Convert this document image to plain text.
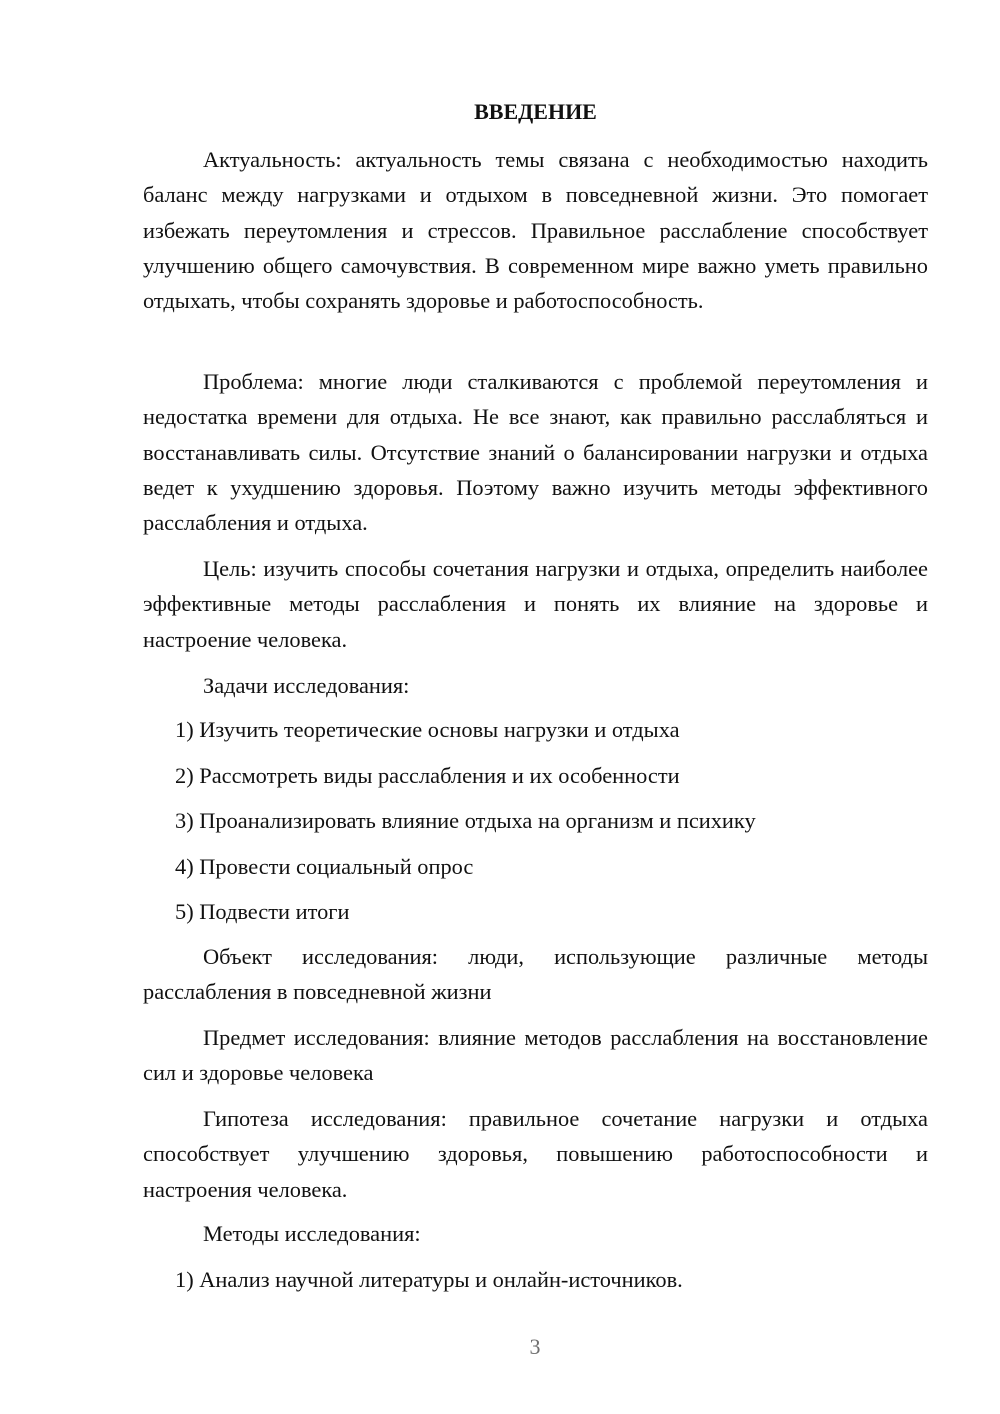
ВВЕДЕНИЕ

Актуальность: актуальность темы связана с необходимостью находить баланс между нагрузками и отдыхом в повседневной жизни. Это помогает избежать переутомления и стрессов. Правильное расслабление способствует улучшению общего самочувствия. В современном мире важно уметь правильно отдыхать, чтобы сохранять здоровье и работоспособность.

Проблема: многие люди сталкиваются с проблемой переутомления и недостатка времени для отдыха. Не все знают, как правильно расслабляться и восстанавливать силы. Отсутствие знаний о балансировании нагрузки и отдыха ведет к ухудшению здоровья. Поэтому важно изучить методы эффективного расслабления и отдыха.

Цель: изучить способы сочетания нагрузки и отдыха, определить наиболее эффективные методы расслабления и понять их влияние на здоровье и настроение человека.

Задачи исследования:

1) Изучить теоретические основы нагрузки и отдыха

2) Рассмотреть виды расслабления и их особенности

3) Проанализировать влияние отдыха на организм и психику

4) Провести социальный опрос

5) Подвести итоги

Объект исследования: люди, использующие различные методы расслабления в повседневной жизни

Предмет исследования: влияние методов расслабления на восстановление сил и здоровье человека

Гипотеза исследования: правильное сочетание нагрузки и отдыха способствует улучшению здоровья, повышению работоспособности и настроения человека.

Методы исследования:

1) Анализ научной литературы и онлайн-источников.

3
